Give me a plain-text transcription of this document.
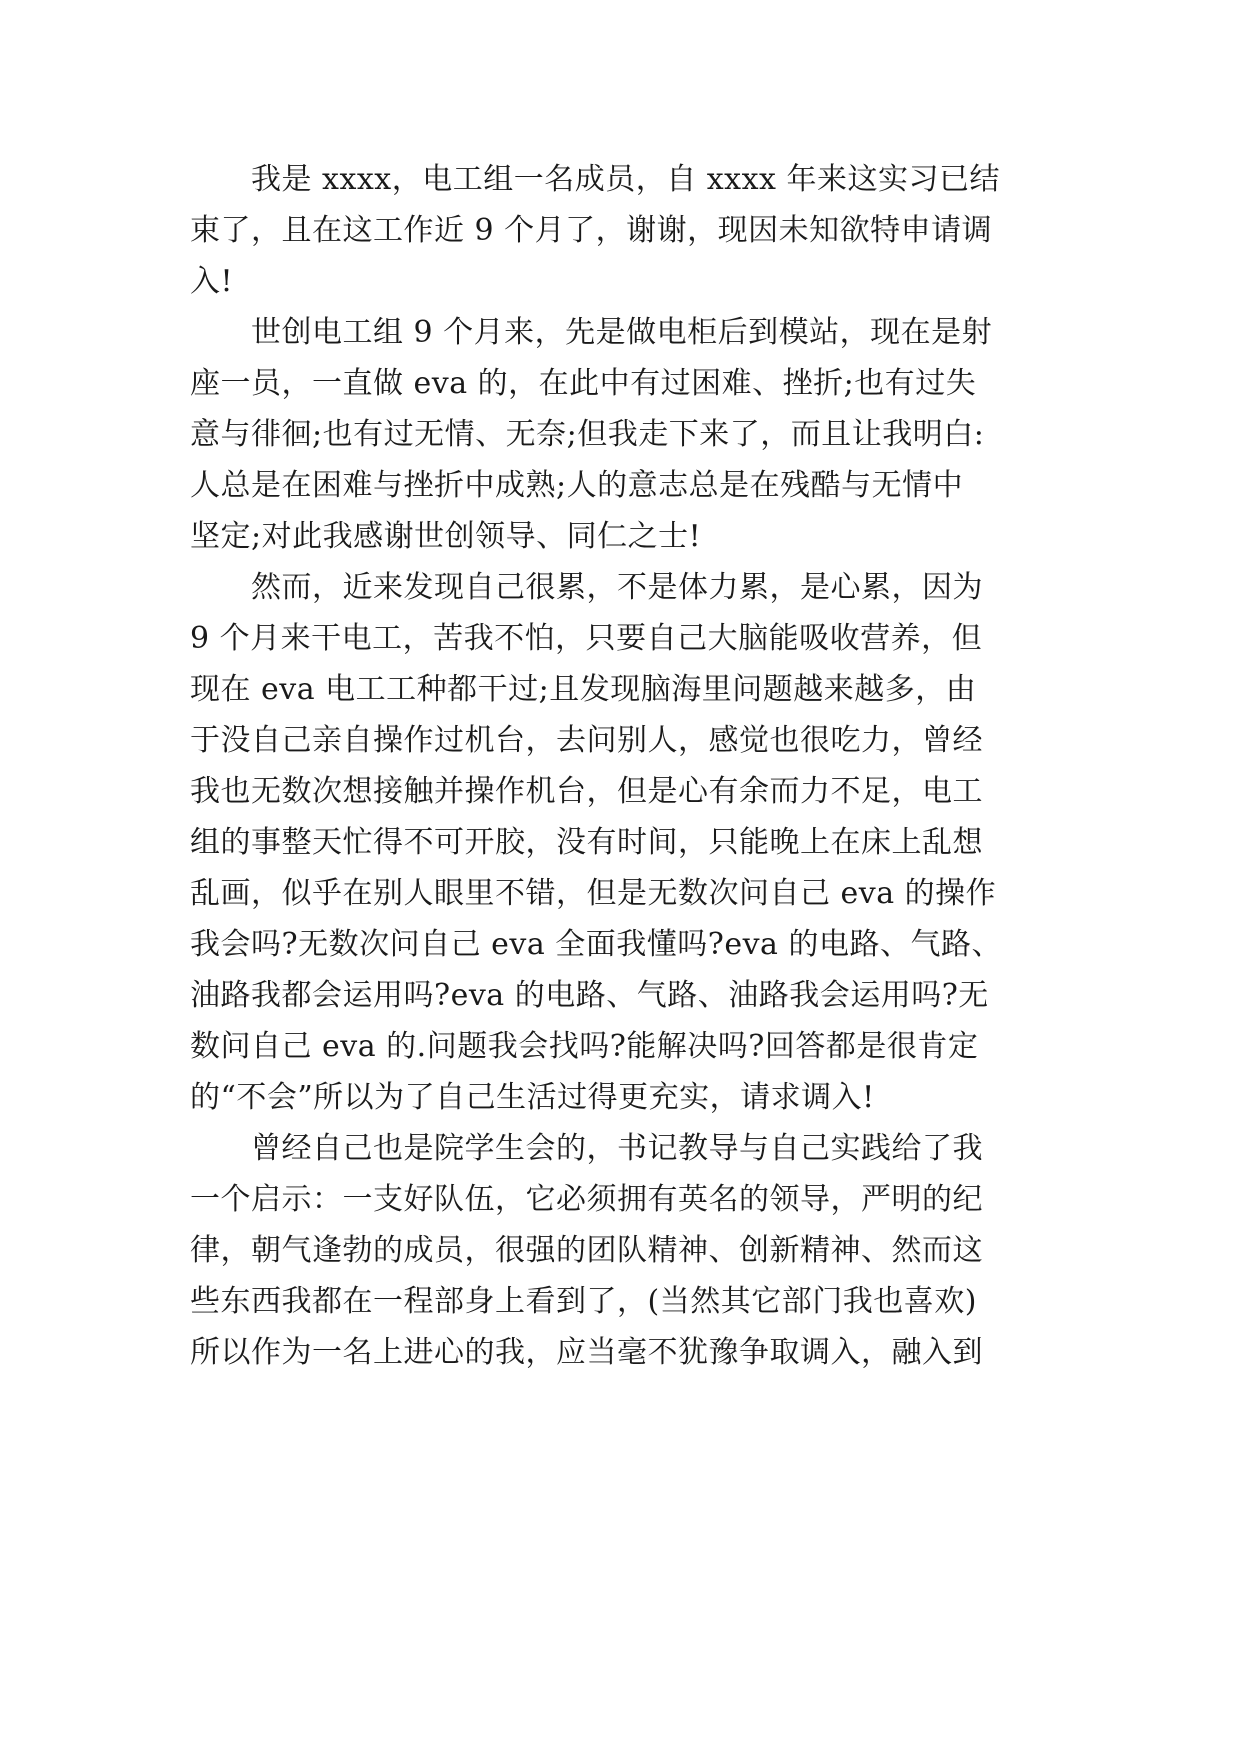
　　我是 xxxx，电工组一名成员，自 xxxx 年来这实习已结
束了，且在这工作近 9 个月了，谢谢，现因未知欲特申请调
入!
　　世创电工组 9 个月来，先是做电柜后到模站，现在是射
座一员，一直做 eva 的，在此中有过困难、挫折;也有过失
意与徘徊;也有过无情、无奈;但我走下来了，而且让我明白:
人总是在困难与挫折中成熟;人的意志总是在残酷与无情中
坚定;对此我感谢世创领导、同仁之士!
　　然而，近来发现自己很累，不是体力累，是心累，因为
9 个月来干电工，苦我不怕，只要自己大脑能吸收营养，但
现在 eva 电工工种都干过;且发现脑海里问题越来越多，由
于没自己亲自操作过机台，去问别人，感觉也很吃力，曾经
我也无数次想接触并操作机台，但是心有余而力不足，电工
组的事整天忙得不可开胶，没有时间，只能晚上在床上乱想
乱画，似乎在别人眼里不错，但是无数次问自己 eva 的操作
我会吗?无数次问自己 eva 全面我懂吗?eva 的电路、气路、
油路我都会运用吗?eva 的电路、气路、油路我会运用吗?无
数问自己 eva 的.问题我会找吗?能解决吗?回答都是很肯定
的“不会”所以为了自己生活过得更充实，请求调入!
　　曾经自己也是院学生会的，书记教导与自己实践给了我
一个启示：一支好队伍，它必须拥有英名的领导，严明的纪
律，朝气逢勃的成员，很强的团队精神、创新精神、然而这
些东西我都在一程部身上看到了，(当然其它部门我也喜欢)
所以作为一名上进心的我，应当毫不犹豫争取调入，融入到
